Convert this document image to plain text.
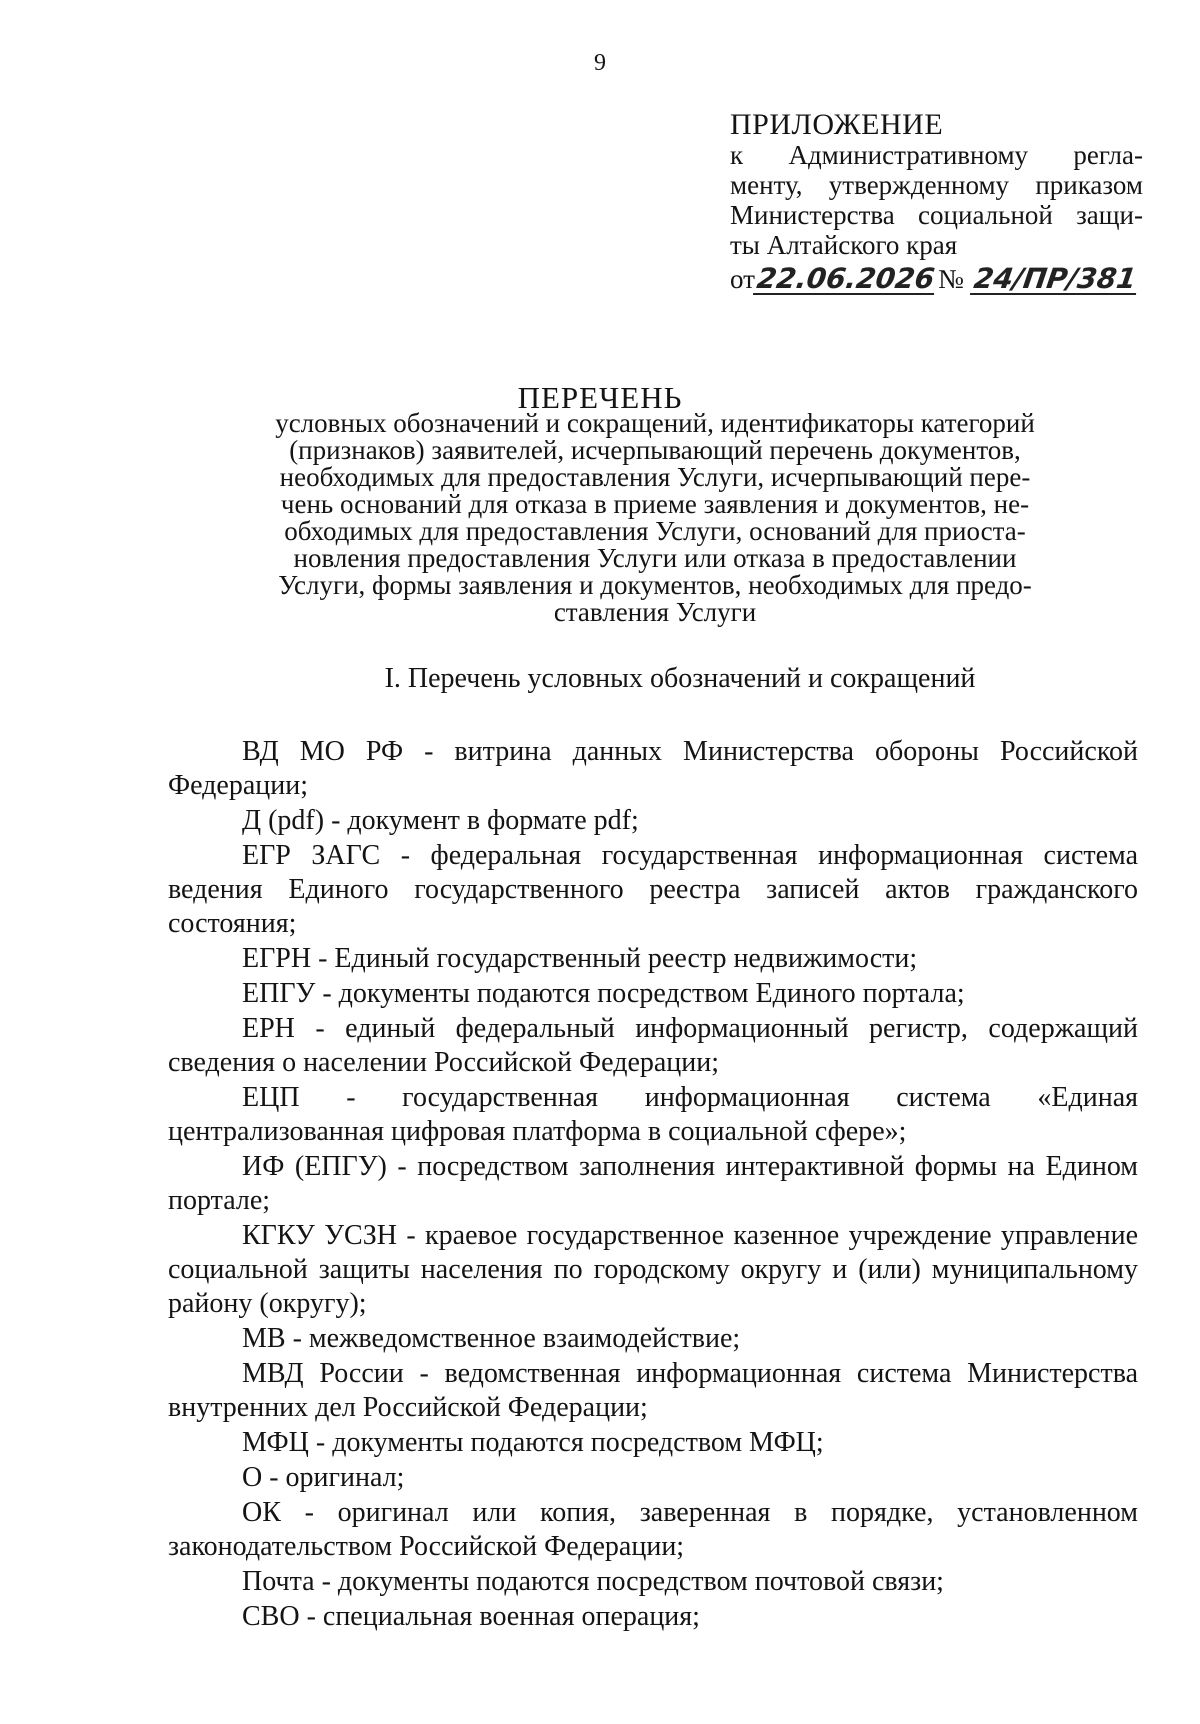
9
ПРИЛОЖЕНИЕ
к Административному регла-
менту, утвержденному приказом
Министерства социальной защи-
ты Алтайского края
от 22.06.2026 № 24/ПР/381
ПЕРЕЧЕНЬ
условных обозначений и сокращений, идентификаторы категорий
(признаков) заявителей, исчерпывающий перечень документов,
необходимых для предоставления Услуги, исчерпывающий пере-
чень оснований для отказа в приеме заявления и документов, не-
обходимых для предоставления Услуги, оснований для приоста-
новления предоставления Услуги или отказа в предоставлении
Услуги, формы заявления и документов, необходимых для предо-
ставления Услуги
I. Перечень условных обозначений и сокращений

ВД МО РФ - витрина данных Министерства обороны Российской Федерации;

Д (pdf) - документ в формате pdf;

ЕГР ЗАГС - федеральная государственная информационная система ведения Единого государственного реестра записей актов гражданского состояния;

ЕГРН - Единый государственный реестр недвижимости;

ЕПГУ - документы подаются посредством Единого портала;

ЕРН - единый федеральный информационный регистр, содержащий сведения о населении Российской Федерации;

ЕЦП - государственная информационная система «Единая централизованная цифровая платформа в социальной сфере»;

ИФ (ЕПГУ) - посредством заполнения интерактивной формы на Едином портале;

КГКУ УСЗН - краевое государственное казенное учреждение управление социальной защиты населения по городскому округу и (или) муниципальному району (округу);

МВ - межведомственное взаимодействие;

МВД России - ведомственная информационная система Министерства внутренних дел Российской Федерации;

МФЦ - документы подаются посредством МФЦ;

О - оригинал;

ОК - оригинал или копия, заверенная в порядке, установленном законодательством Российской Федерации;

Почта - документы подаются посредством почтовой связи;

СВО - специальная военная операция;
